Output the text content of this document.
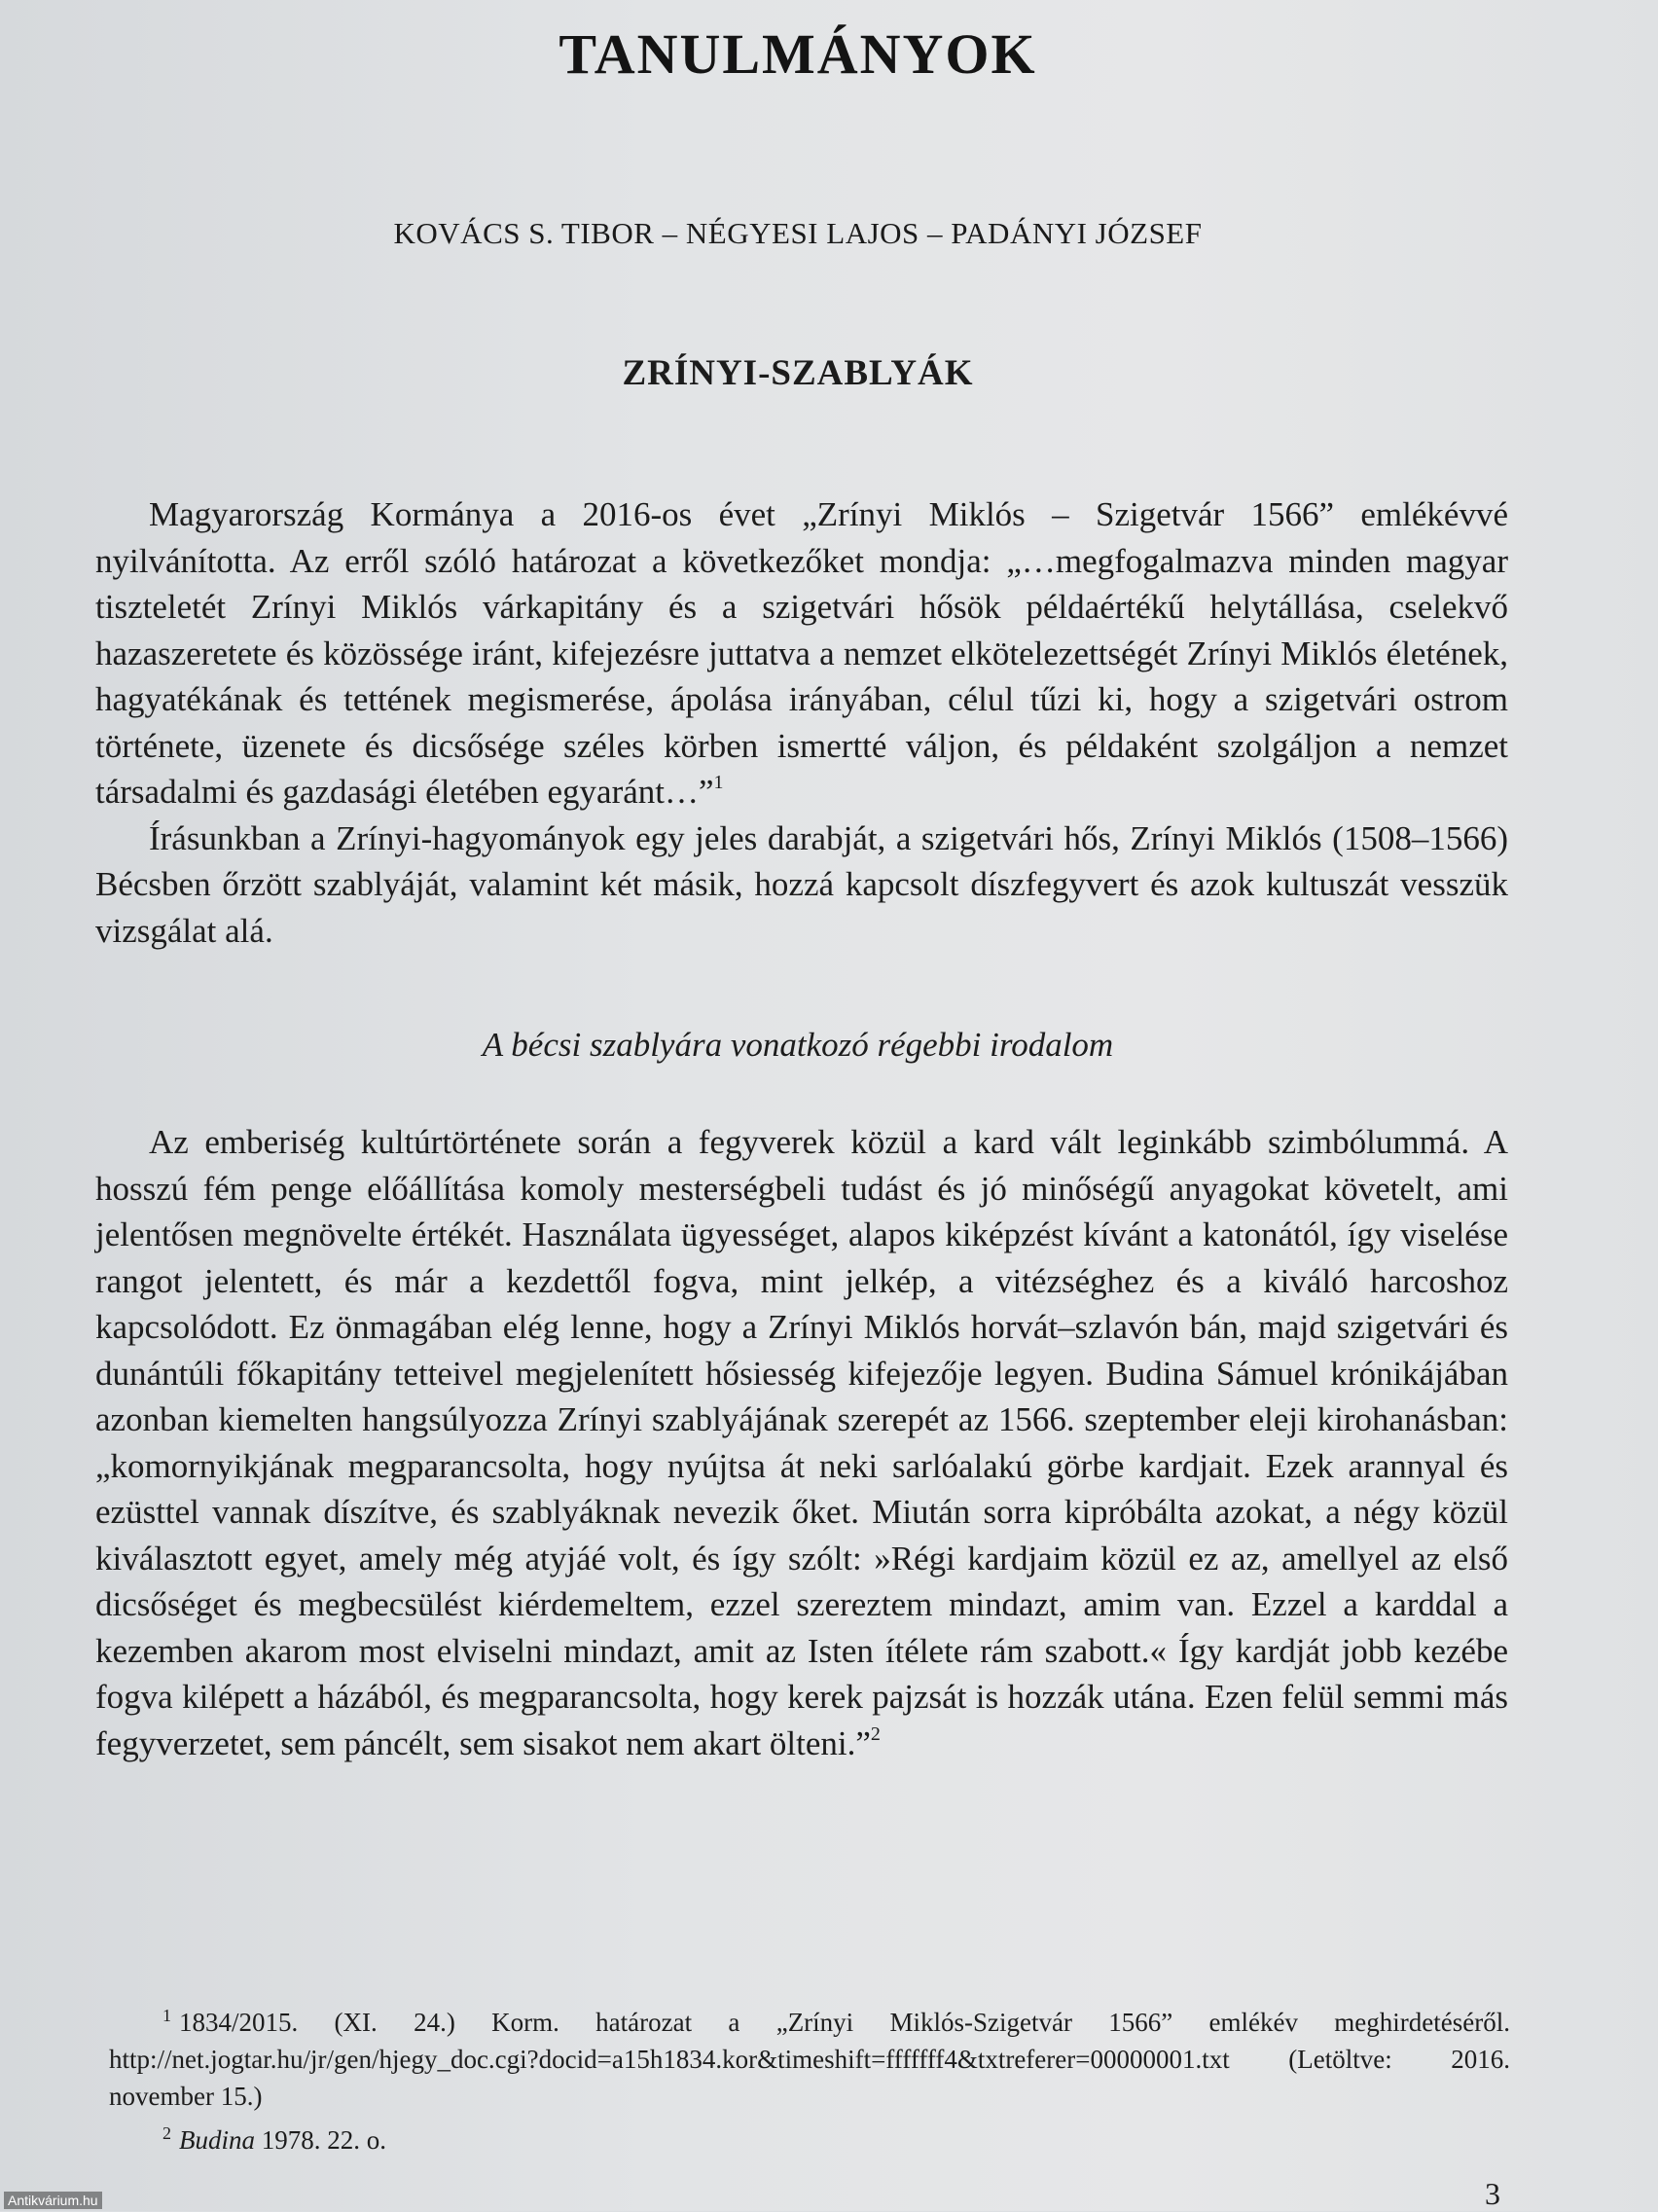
TANULMÁNYOK
KOVÁCS S. TIBOR – NÉGYESI LAJOS – PADÁNYI JÓZSEF
ZRÍNYI-SZABLYÁK

Magyarország Kormánya a 2016-os évet „Zrínyi Miklós – Szigetvár 1566” emlékévvé nyilvánította. Az erről szóló határozat a következőket mondja: „…megfogalmazva minden magyar tiszteletét Zrínyi Miklós várkapitány és a szigetvári hősök példaértékű helytállása, cselekvő hazaszeretete és közössége iránt, kifejezésre juttatva a nemzet elkötelezettségét Zrínyi Miklós életének, hagyatékának és tettének megismerése, ápolása irányában, célul tűzi ki, hogy a szigetvári ostrom története, üzenete és dicsősége széles körben ismertté váljon, és példaként szolgáljon a nemzet társadalmi és gazdasági életében egyaránt…”$^1$

Írásunkban a Zrínyi-hagyományok egy jeles darabját, a szigetvári hős, Zrínyi Miklós (1508–1566) Bécsben őrzött szablyáját, valamint két másik, hozzá kapcsolt díszfegyvert és azok kultuszát vesszük vizsgálat alá.

A bécsi szablyára vonatkozó régebbi irodalom

Az emberiség kultúrtörténete során a fegyverek közül a kard vált leginkább szimbólummá. A hosszú fém penge előállítása komoly mesterségbeli tudást és jó minőségű anyagokat követelt, ami jelentősen megnövelte értékét. Használata ügyességet, alapos kiképzést kívánt a katonától, így viselése rangot jelentett, és már a kezdettől fogva, mint jelkép, a vitézséghez és a kiváló harcoshoz kapcsolódott. Ez önmagában elég lenne, hogy a Zrínyi Miklós horvát–szlavón bán, majd szigetvári és dunántúli főkapitány tetteivel megjelenített hősiesség kifejezője legyen. Budina Sámuel krónikájában azonban kiemelten hangsúlyozza Zrínyi szablyájának szerepét az 1566. szeptember eleji kirohanásban: „komornyikjának megparancsolta, hogy nyújtsa át neki sarlóalakú görbe kardjait. Ezek arannyal és ezüsttel vannak díszítve, és szablyáknak nevezik őket. Miután sorra kipróbálta azokat, a négy közül kiválasztott egyet, amely még atyjáé volt, és így szólt: »Régi kardjaim közül ez az, amellyel az első dicsőséget és megbecsülést kiérdemeltem, ezzel szereztem mindazt, amim van. Ezzel a karddal a kezemben akarom most elviselni mindazt, amit az Isten ítélete rám szabott.« Így kardját jobb kezébe fogva kilépett a házából, és megparancsolta, hogy kerek pajzsát is hozzák utána. Ezen felül semmi más fegyverzetet, sem páncélt, sem sisakot nem akart ölteni.”$^2$

$^1$ 1834/2015. (XI. 24.) Korm. határozat a „Zrínyi Miklós-Szigetvár 1566” emlékév meghirdetéséről. http://net.jogtar.hu/jr/gen/hjegy_doc.cgi?docid=a15h1834.kor&timeshift=fffffff4&txtreferer=00000001.txt (Letöltve: 2016. november 15.)

$^2$ Budina 1978. 22. o.

3
Antikvárium.hu
